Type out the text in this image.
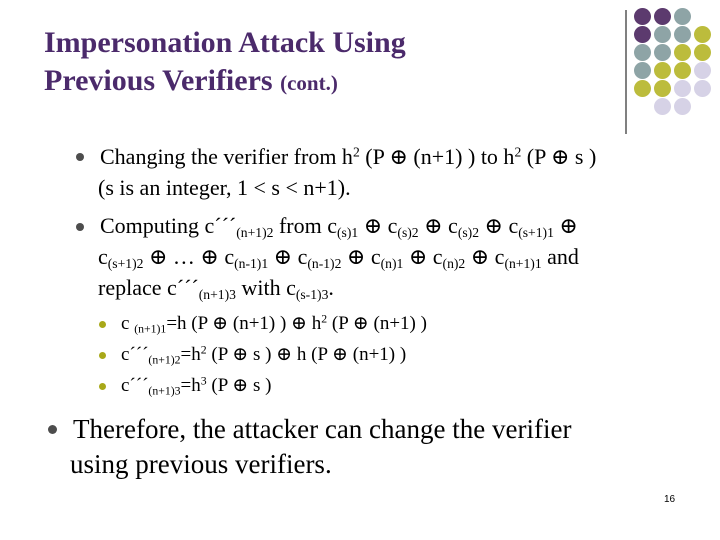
Impersonation Attack Using
Previous Verifiers (cont.)
Changing the verifier from $h^2$ (P ⊕ (n+1) ) to $h^2$ (P ⊕ s )
(s is an integer, 1 < s < n+1).
Computing $c´´´_{(n+1)2}$ from $c_{(s)1}$ ⊕ $c_{(s)2}$ ⊕ $c_{(s)2}$ ⊕ $c_{(s+1)1}$ ⊕
$c_{(s+1)2}$ ⊕ … ⊕ $c_{(n-1)1}$ ⊕ $c_{(n-1)2}$ ⊕ $c_{(n)1}$ ⊕ $c_{(n)2}$ ⊕ $c_{(n+1)1}$ and
replace $c´´´_{(n+1)3}$ with $c_{(s-1)3}$.
c $_{(n+1)1}$=h (P ⊕ (n+1) ) ⊕ $h^2$ (P ⊕ (n+1) )
$c´´´_{(n+1)2}=h^2$ (P ⊕ s ) ⊕ h (P ⊕ (n+1) )
$c´´´_{(n+1)3}=h^3$ (P ⊕ s )
Therefore, the attacker can change the verifier
using previous verifiers.
16
